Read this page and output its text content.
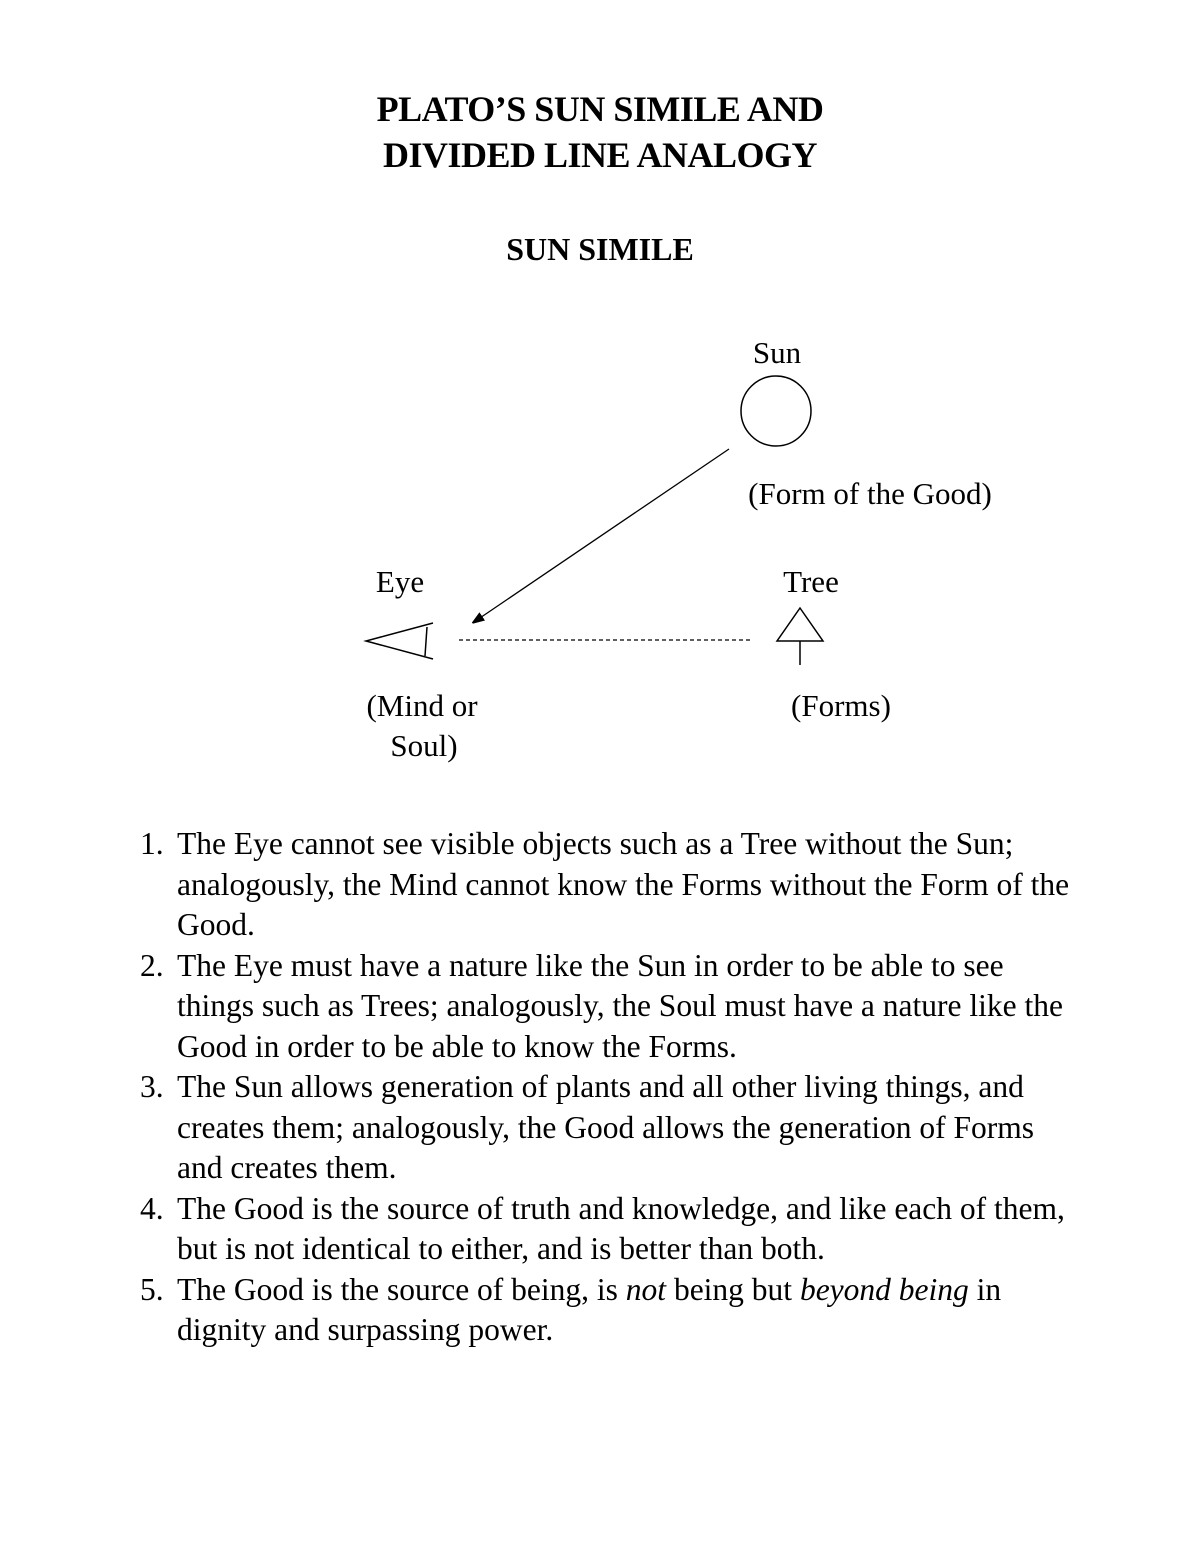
PLATO’S SUN SIMILE AND
DIVIDED LINE ANALOGY
SUN SIMILE
Sun
(Form of the Good)
Eye
(Mind or
Soul)
Tree
(Forms)
1. The Eye cannot see visible objects such as a Tree without the Sun; analogously, the Mind cannot know the Forms without the Form of the Good.
2. The Eye must have a nature like the Sun in order to be able to see things such as Trees; analogously, the Soul must have a nature like the Good in order to be able to know the Forms.
3. The Sun allows generation of plants and all other living things, and creates them; analogously, the Good allows the generation of Forms and creates them.
4. The Good is the source of truth and knowledge, and like each of them, but is not identical to either, and is better than both.
5. The Good is the source of being, is not being but beyond being in dignity and surpassing power.
